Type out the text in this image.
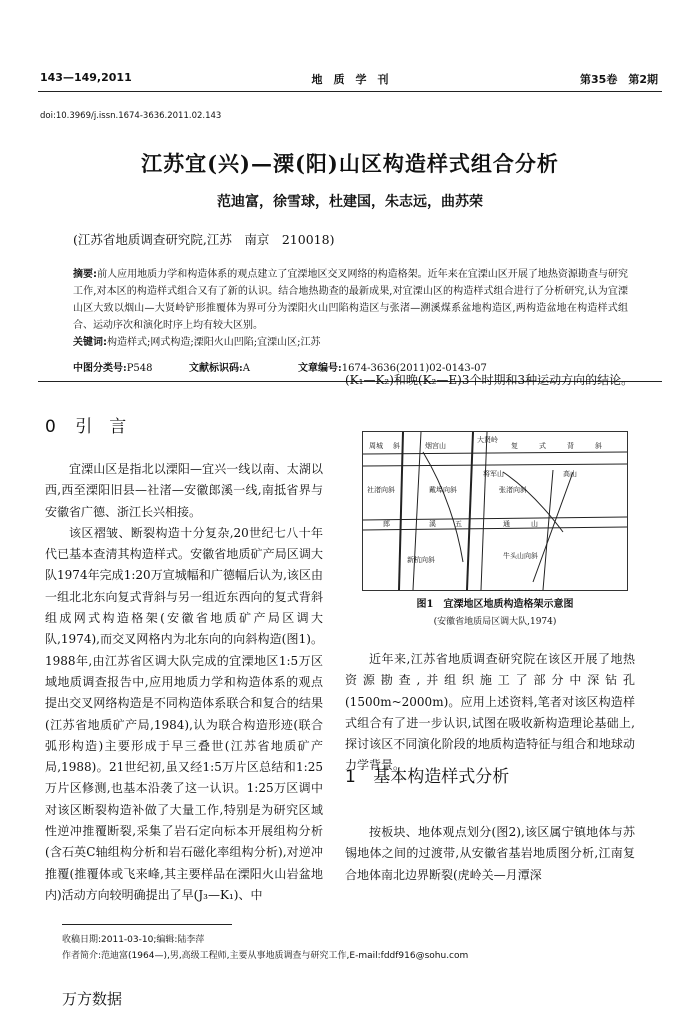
143—149,2011	地　质　学　刊	第35卷　第2期
doi:10.3969/j.issn.1674-3636.2011.02.143
江苏宜(兴)—溧(阳)山区构造样式组合分析
范迪富，徐雪球，杜建国，朱志远，曲苏荣
(江苏省地质调查研究院,江苏　南京　210018)
摘要:前人应用地质力学和构造体系的观点建立了宜溧地区交叉网络的构造格架。近年来在宜溧山区开展了地热资源勘查与研究工作,对本区的构造样式组合又有了新的认识。结合地热勘查的最新成果,对宜溧山区的构造样式组合进行了分析研究,认为宜溧山区大致以烟山—大贤岭铲形推覆体为界可分为溧阳火山凹陷构造区与张渚—溯溪煤系盆地构造区,两构造盆地在构造样式组合、运动序次和演化时序上均有较大区别。
关键词:构造样式;网式构造;溧阳火山凹陷;宜溧山区;江苏
中图分类号:P548	文献标识码:A	文章编号:1674-3636(2011)02-0143-07
0 引　言

宜溧山区是指北以溧阳—宜兴一线以南、太湖以西,西至溧阳旧县—社渚—安徽郎溪一线,南抵省界与安徽省广德、浙江长兴相接。

该区褶皱、断裂构造十分复杂,20世纪七八十年代已基本查清其构造样式。安徽省地质矿产局区调大队1974年完成1:20万宣城幅和广德幅后认为,该区由一组北北东向复式背斜与另一组近东西向的复式背斜组成网式构造格架(安徽省地质矿产局区调大队,1974),而交叉网格内为北东向的向斜构造(图1)。1988年,由江苏省区调大队完成的宜溧地区1:5万区域地质调查报告中,应用地质力学和构造体系的观点提出交叉网络构造是不同构造体系联合和复合的结果(江苏省地质矿产局,1984),认为联合构造形迹(联合弧形构造)主要形成于早三叠世(江苏省地质矿产局,1988)。21世纪初,虽又经1:5万片区总结和1:25万片区修测,也基本沿袭了这一认识。1:25万区调中对该区断裂构造补做了大量工作,特别是为研究区域性逆冲推覆断裂,采集了岩石定向标本开展组构分析(含石英C轴组构分析和岩石磁化率组构分析),对逆冲推覆(推覆体或飞来峰,其主要样品在溧阳火山岩盆地内)活动方向较明确提出了早(J₃—K₁)、中

(K₁—K₂)和晚(K₂—E)3个时期和3种运动方向的结论。
周城 斜	烟宫山	复	式	背	斜
社渚向斜	戴埠向斜	张渚向斜
郎	溪	五	通	山
新杭向斜	牛头山向斜
大贤岭
将军山	高山
图1　宜溧地区地质构造格架示意图
(安徽省地质局区调大队,1974)

近年来,江苏省地质调查研究院在该区开展了地热资源勘查,并组织施工了部分中深钻孔(1500m~2000m)。应用上述资料,笔者对该区构造样式组合有了进一步认识,试图在吸收新构造理论基础上,探讨该区不同演化阶段的地质构造特征与组合和地球动力学背景。

1 基本构造样式分析

按板块、地体观点划分(图2),该区属宁镇地体与苏锡地体之间的过渡带,从安徽省基岩地质图分析,江南复合地体南北边界断裂(虎岭关—月潭深

收稿日期:2011-03-10;编辑:陆李萍
作者简介:范迪富(1964—),男,高级工程师,主要从事地质调查与研究工作,E-mail:fddf916@sohu.com
万方数据
